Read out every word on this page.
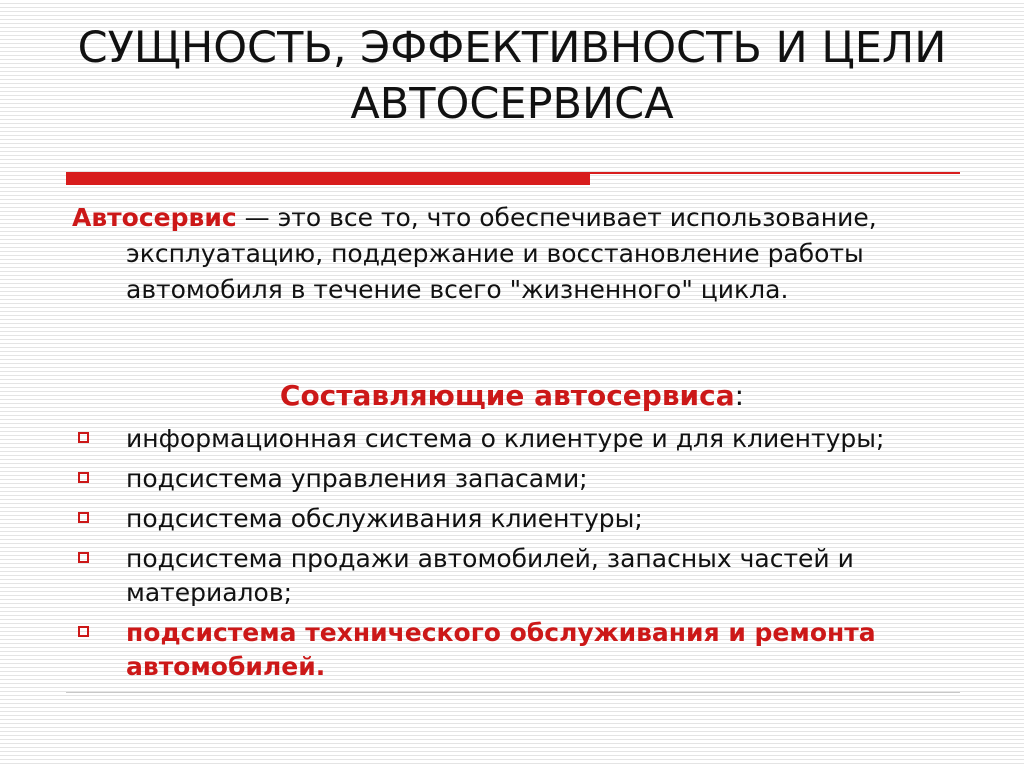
СУЩНОСТЬ, ЭФФЕКТИВНОСТЬ И ЦЕЛИ
АВТОСЕРВИСА
Автосервис — это все то, что обеспечивает использование, эксплуатацию, поддержание и восстановление работы автомобиля в течение всего "жизненного" цикла.
Составляющие автосервиса:
информационная система о клиентуре и для клиентуры;
подсистема управления запасами;
подсистема обслуживания клиентуры;
подсистема продажи автомобилей, запасных частей и материалов;
подсистема технического обслуживания и ремонта автомобилей.
